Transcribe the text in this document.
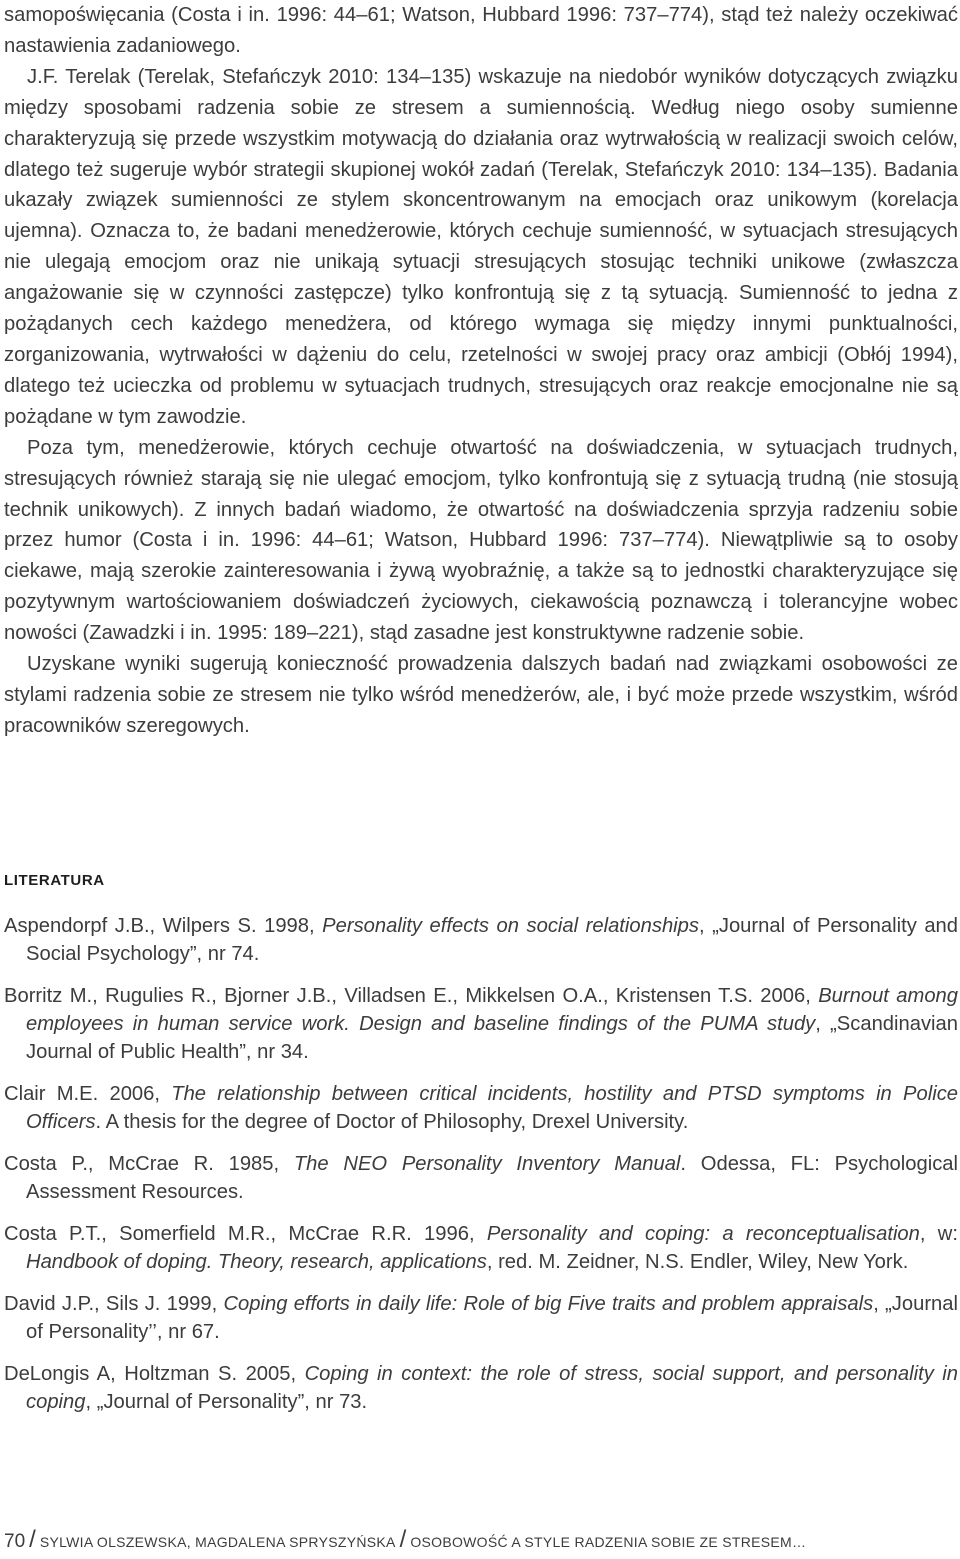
samopoświęcania (Costa i in. 1996: 44–61; Watson, Hubbard 1996: 737–774), stąd też należy oczekiwać nastawienia zadaniowego.

J.F. Terelak (Terelak, Stefańczyk 2010: 134–135) wskazuje na niedobór wyników dotyczących związku między sposobami radzenia sobie ze stresem a sumiennością. Według niego osoby sumienne charakteryzują się przede wszystkim motywacją do działania oraz wytrwałością w realizacji swoich celów, dlatego też sugeruje wybór strategii skupionej wokół zadań (Terelak, Stefańczyk 2010: 134–135). Badania ukazały związek sumienności ze stylem skoncentrowanym na emocjach oraz unikowym (korelacja ujemna). Oznacza to, że badani menedżerowie, których cechuje sumienność, w sytuacjach stresujących nie ulegają emocjom oraz nie unikają sytuacji stresujących stosując techniki unikowe (zwłaszcza angażowanie się w czynności zastępcze) tylko konfrontują się z tą sytuacją. Sumienność to jedna z pożądanych cech każdego menedżera, od którego wymaga się między innymi punktualności, zorganizowania, wytrwałości w dążeniu do celu, rzetelności w swojej pracy oraz ambicji (Obłój 1994), dlatego też ucieczka od problemu w sytuacjach trudnych, stresujących oraz reakcje emocjonalne nie są pożądane w tym zawodzie.

Poza tym, menedżerowie, których cechuje otwartość na doświadczenia, w sytuacjach trudnych, stresujących również starają się nie ulegać emocjom, tylko konfrontują się z sytuacją trudną (nie stosują technik unikowych). Z innych badań wiadomo, że otwartość na doświadczenia sprzyja radzeniu sobie przez humor (Costa i in. 1996: 44–61; Watson, Hubbard 1996: 737–774). Niewątpliwie są to osoby ciekawe, mają szerokie zainteresowania i żywą wyobraźnię, a także są to jednostki charakteryzujące się pozytywnym wartościowaniem doświadczeń życiowych, ciekawością poznawczą i tolerancyjne wobec nowości (Zawadzki i in. 1995: 189–221), stąd zasadne jest konstruktywne radzenie sobie.

Uzyskane wyniki sugerują konieczność prowadzenia dalszych badań nad związkami osobowości ze stylami radzenia sobie ze stresem nie tylko wśród menedżerów, ale, i być może przede wszystkim, wśród pracowników szeregowych.

LITERATURA

Aspendorpf J.B., Wilpers S. 1998, Personality effects on social relationships, „Journal of Personality and Social Psychology”, nr 74.

Borritz M., Rugulies R., Bjorner J.B., Villadsen E., Mikkelsen O.A., Kristensen T.S. 2006, Burnout among employees in human service work. Design and baseline findings of the PUMA study, „Scandinavian Journal of Public Health”, nr 34.

Clair M.E. 2006, The relationship between critical incidents, hostility and PTSD symptoms in Police Officers. A thesis for the degree of Doctor of Philosophy, Drexel University.

Costa P., McCrae R. 1985, The NEO Personality Inventory Manual. Odessa, FL: Psychological Assessment Resources.

Costa P.T., Somerfield M.R., McCrae R.R. 1996, Personality and coping: a reconceptualisation, w: Handbook of doping. Theory, research, applications, red. M. Zeidner, N.S. Endler, Wiley, New York.

David J.P., Sils J. 1999, Coping efforts in daily life: Role of big Five traits and problem appraisals, „Journal of Personality’’, nr 67.

DeLongis A, Holtzman S. 2005, Coping in context: the role of stress, social support, and personality in coping, „Journal of Personality”, nr 73.

70 / SYLWIA OLSZEWSKA, MAGDALENA SPRYSZYŃSKA / OSOBOWOŚĆ A STYLE RADZENIA SOBIE ZE STRESEM…
